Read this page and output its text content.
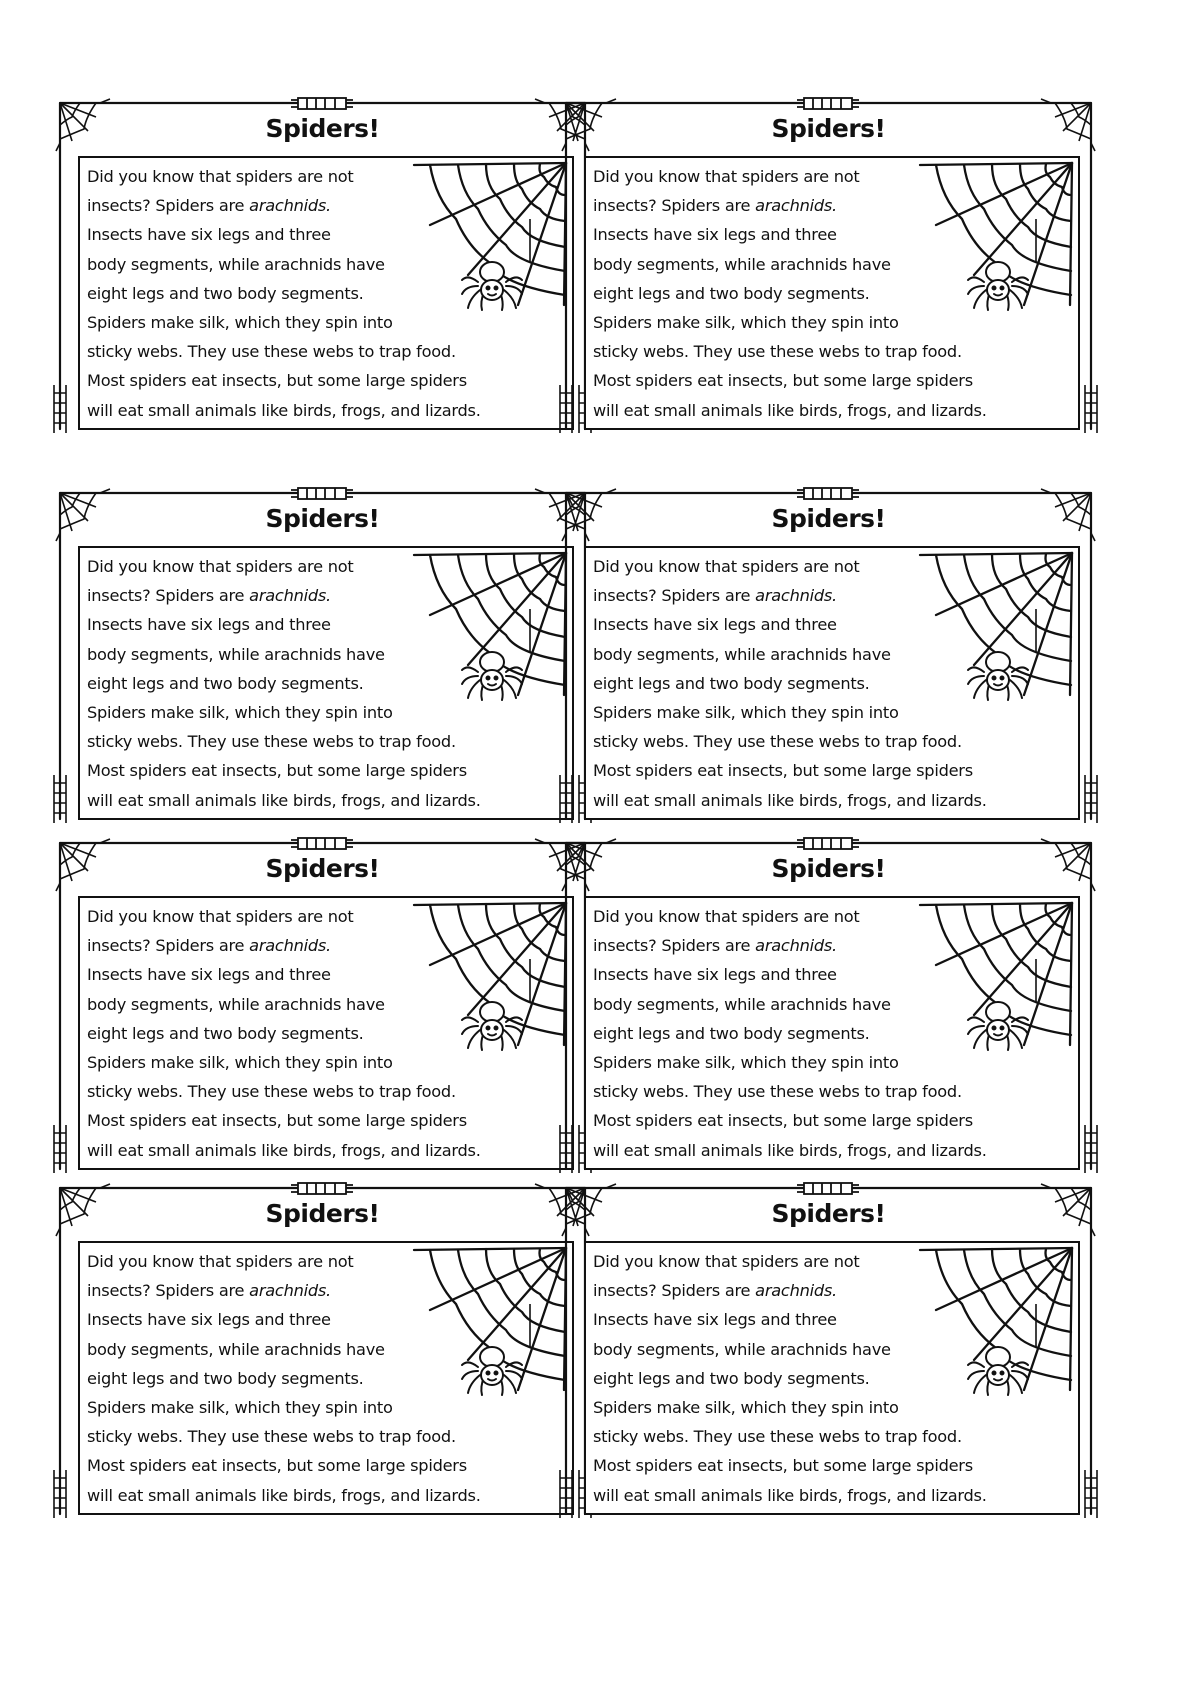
Spiders!
Did you know that spiders are not
insects? Spiders are arachnids.
Insects have six legs and three
body segments, while arachnids have
eight legs and two body segments.
Spiders make silk, which they spin into
sticky webs. They use these webs to trap food.
Most spiders eat insects, but some large spiders
will eat small animals like birds, frogs, and lizards.
Spiders!
Did you know that spiders are not
insects? Spiders are arachnids.
Insects have six legs and three
body segments, while arachnids have
eight legs and two body segments.
Spiders make silk, which they spin into
sticky webs. They use these webs to trap food.
Most spiders eat insects, but some large spiders
will eat small animals like birds, frogs, and lizards.
Spiders!
Did you know that spiders are not
insects? Spiders are arachnids.
Insects have six legs and three
body segments, while arachnids have
eight legs and two body segments.
Spiders make silk, which they spin into
sticky webs. They use these webs to trap food.
Most spiders eat insects, but some large spiders
will eat small animals like birds, frogs, and lizards.
Spiders!
Did you know that spiders are not
insects? Spiders are arachnids.
Insects have six legs and three
body segments, while arachnids have
eight legs and two body segments.
Spiders make silk, which they spin into
sticky webs. They use these webs to trap food.
Most spiders eat insects, but some large spiders
will eat small animals like birds, frogs, and lizards.
Spiders!
Did you know that spiders are not
insects? Spiders are arachnids.
Insects have six legs and three
body segments, while arachnids have
eight legs and two body segments.
Spiders make silk, which they spin into
sticky webs. They use these webs to trap food.
Most spiders eat insects, but some large spiders
will eat small animals like birds, frogs, and lizards.
Spiders!
Did you know that spiders are not
insects? Spiders are arachnids.
Insects have six legs and three
body segments, while arachnids have
eight legs and two body segments.
Spiders make silk, which they spin into
sticky webs. They use these webs to trap food.
Most spiders eat insects, but some large spiders
will eat small animals like birds, frogs, and lizards.
Spiders!
Did you know that spiders are not
insects? Spiders are arachnids.
Insects have six legs and three
body segments, while arachnids have
eight legs and two body segments.
Spiders make silk, which they spin into
sticky webs. They use these webs to trap food.
Most spiders eat insects, but some large spiders
will eat small animals like birds, frogs, and lizards.
Spiders!
Did you know that spiders are not
insects? Spiders are arachnids.
Insects have six legs and three
body segments, while arachnids have
eight legs and two body segments.
Spiders make silk, which they spin into
sticky webs. They use these webs to trap food.
Most spiders eat insects, but some large spiders
will eat small animals like birds, frogs, and lizards.
